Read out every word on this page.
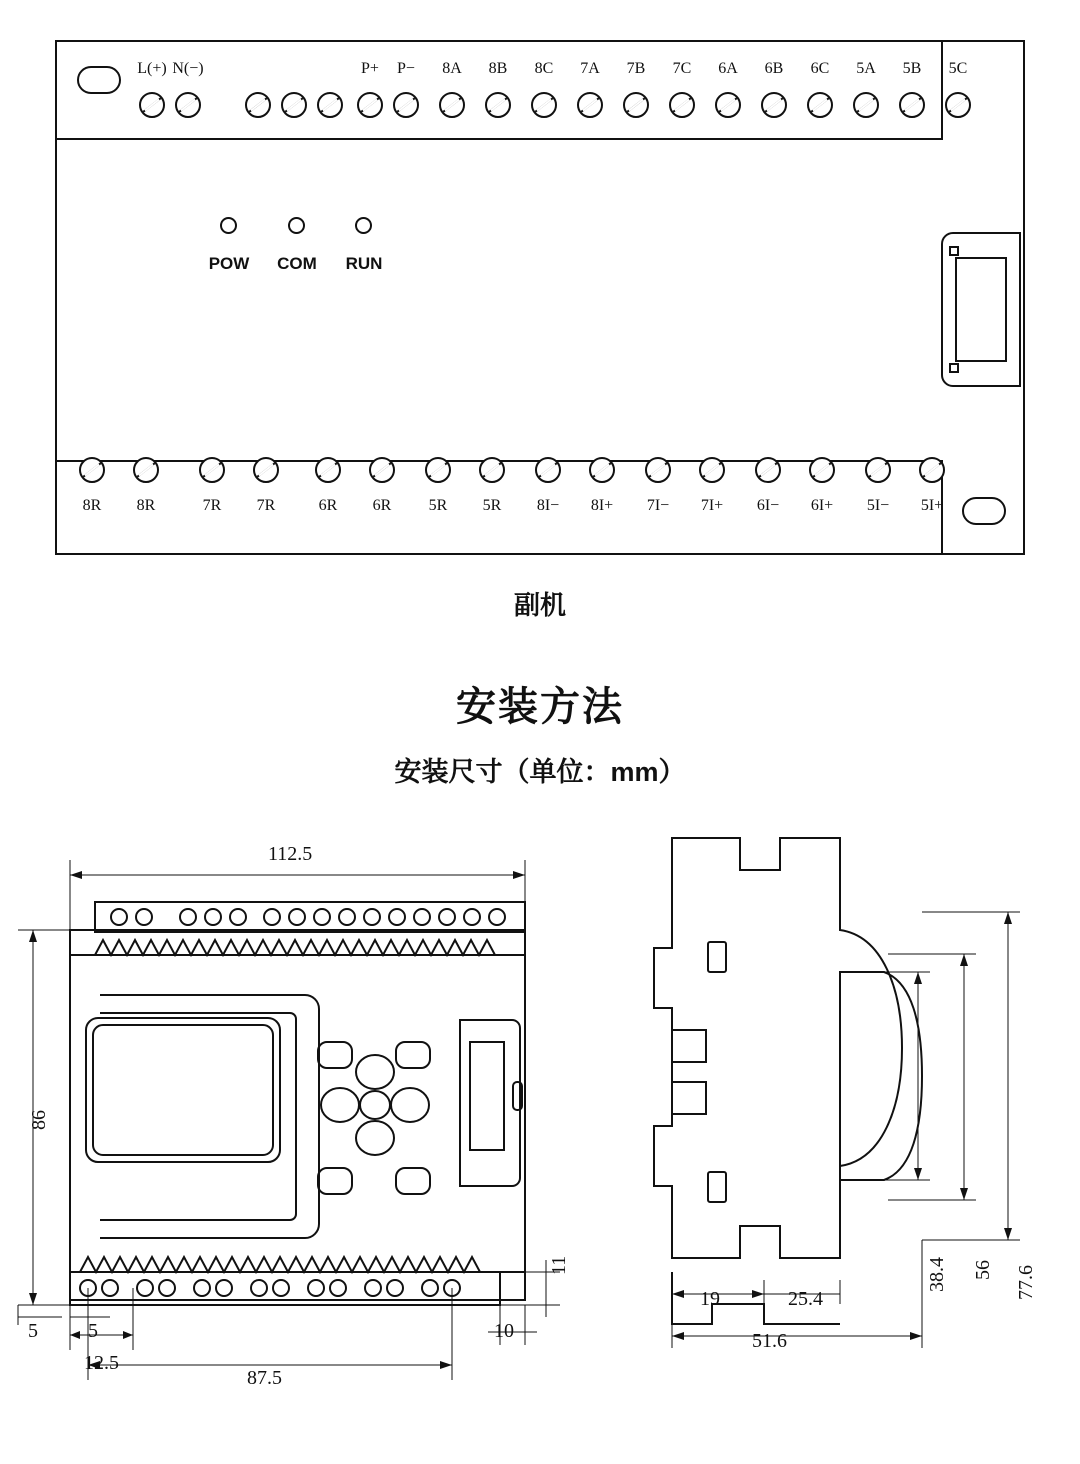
L(+) N(−)	P+	P−	8A	8B	8C	7A	7B	7C	6A	6B	6C	5A	5B	5C
8R	8R	7R	7R	6R	6R	5R	5R	8I−	8I+	7I−	7I+	6I−	6I+	5I−	5I+
POW	COM	RUN
副机
安装方法
安装尺寸（单位：mm）
112.5
86
87.5
5	5
12.5
10
11	77.6
56
38.4
19	25.4
51.6
